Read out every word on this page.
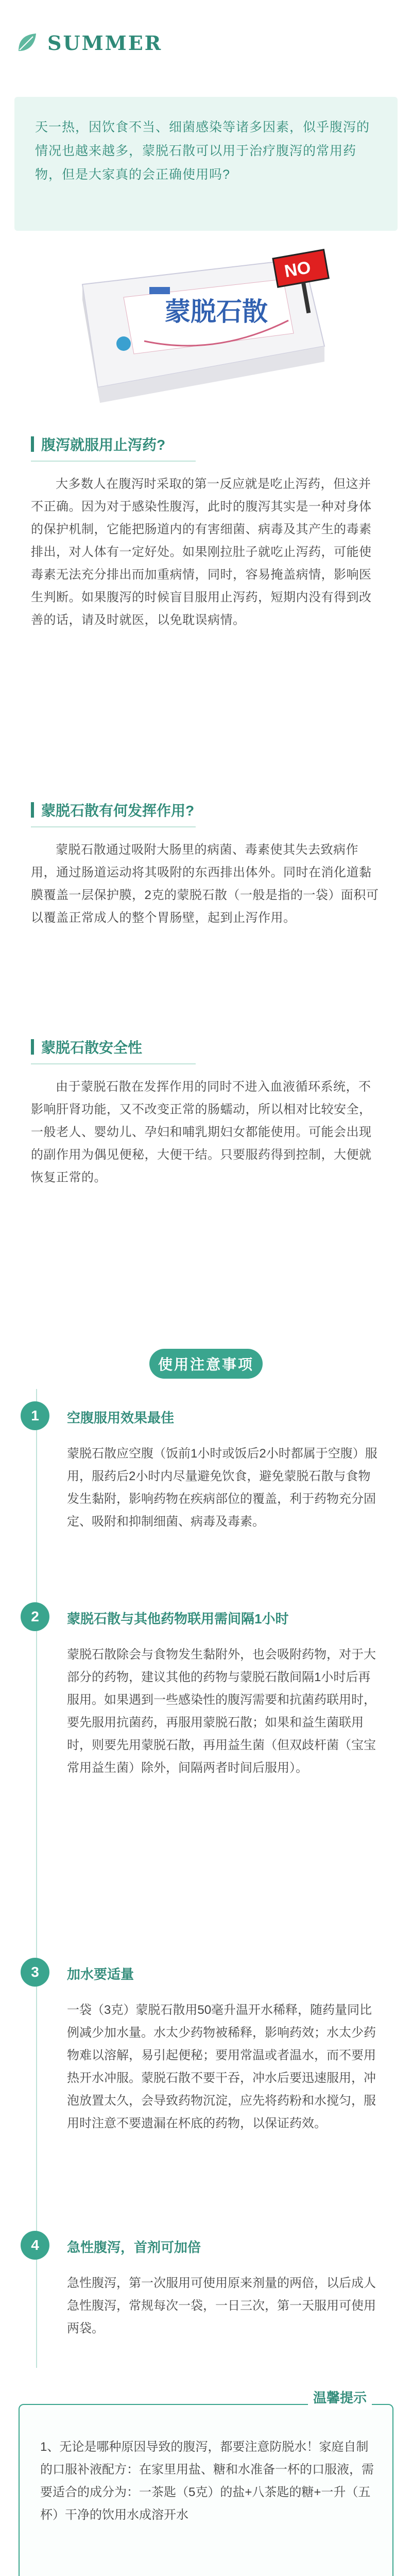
SUMMER

天一热，因饮食不当、细菌感染等诸多因素，似乎腹泻的情况也越来越多，蒙脱石散可以用于治疗腹泻的常用药物，但是大家真的会正确使用吗?

蒙脱石散
NO
腹泻就服用止泻药?

大多数人在腹泻时采取的第一反应就是吃止泻药，但这并不正确。因为对于感染性腹泻，此时的腹泻其实是一种对身体的保护机制，它能把肠道内的有害细菌、病毒及其产生的毒素排出，对人体有一定好处。如果刚拉肚子就吃止泻药，可能使毒素无法充分排出而加重病情，同时，容易掩盖病情，影响医生判断。如果腹泻的时候盲目服用止泻药，短期内没有得到改善的话，请及时就医，以免耽误病情。

蒙脱石散有何发挥作用?

蒙脱石散通过吸附大肠里的病菌、毒素使其失去致病作用，通过肠道运动将其吸附的东西排出体外。同时在消化道黏膜覆盖一层保护膜，2克的蒙脱石散（一般是指的一袋）面积可以覆盖正常成人的整个胃肠壁，起到止泻作用。

蒙脱石散安全性

由于蒙脱石散在发挥作用的同时不进入血液循环系统，不影响肝肾功能，又不改变正常的肠蠕动，所以相对比较安全，一般老人、婴幼儿、孕妇和哺乳期妇女都能使用。可能会出现的副作用为偶见便秘，大便干结。只要服药得到控制，大便就恢复正常的。

使用注意事项
1	空腹服用效果最佳

蒙脱石散应空腹（饭前1小时或饭后2小时都属于空腹）服用，服药后2小时内尽量避免饮食，避免蒙脱石散与食物发生黏附，影响药物在疾病部位的覆盖，利于药物充分固定、吸附和抑制细菌、病毒及毒素。

2	蒙脱石散与其他药物联用需间隔1小时

蒙脱石散除会与食物发生黏附外，也会吸附药物，对于大部分的药物，建议其他的药物与蒙脱石散间隔1小时后再服用。如果遇到一些感染性的腹泻需要和抗菌药联用时，要先服用抗菌药，再服用蒙脱石散；如果和益生菌联用时，则要先用蒙脱石散，再用益生菌（但双歧杆菌（宝宝常用益生菌）除外，间隔两者时间后服用）。

3	加水要适量

一袋（3克）蒙脱石散用50毫升温开水稀释，随药量同比例减少加水量。水太少药物被稀释，影响药效；水太少药物难以溶解，易引起便秘；要用常温或者温水，而不要用热开水冲服。蒙脱石散不要干吞，冲水后要迅速服用，冲泡放置太久，会导致药物沉淀，应先将药粉和水搅匀，服用时注意不要遗漏在杯底的药物，以保证药效。

4	急性腹泻，首剂可加倍

急性腹泻，第一次服用可使用原来剂量的两倍，以后成人急性腹泻，常规每次一袋，一日三次，第一天服用可使用两袋。

温馨提示

1、无论是哪种原因导致的腹泻，都要注意防脱水！家庭自制的口服补液配方：在家里用盐、糖和水准备一杯的口服液，需要适合的成分为：一茶匙（5克）的盐+八茶匙的糖+一升（五杯）干净的饮用水成溶开水
